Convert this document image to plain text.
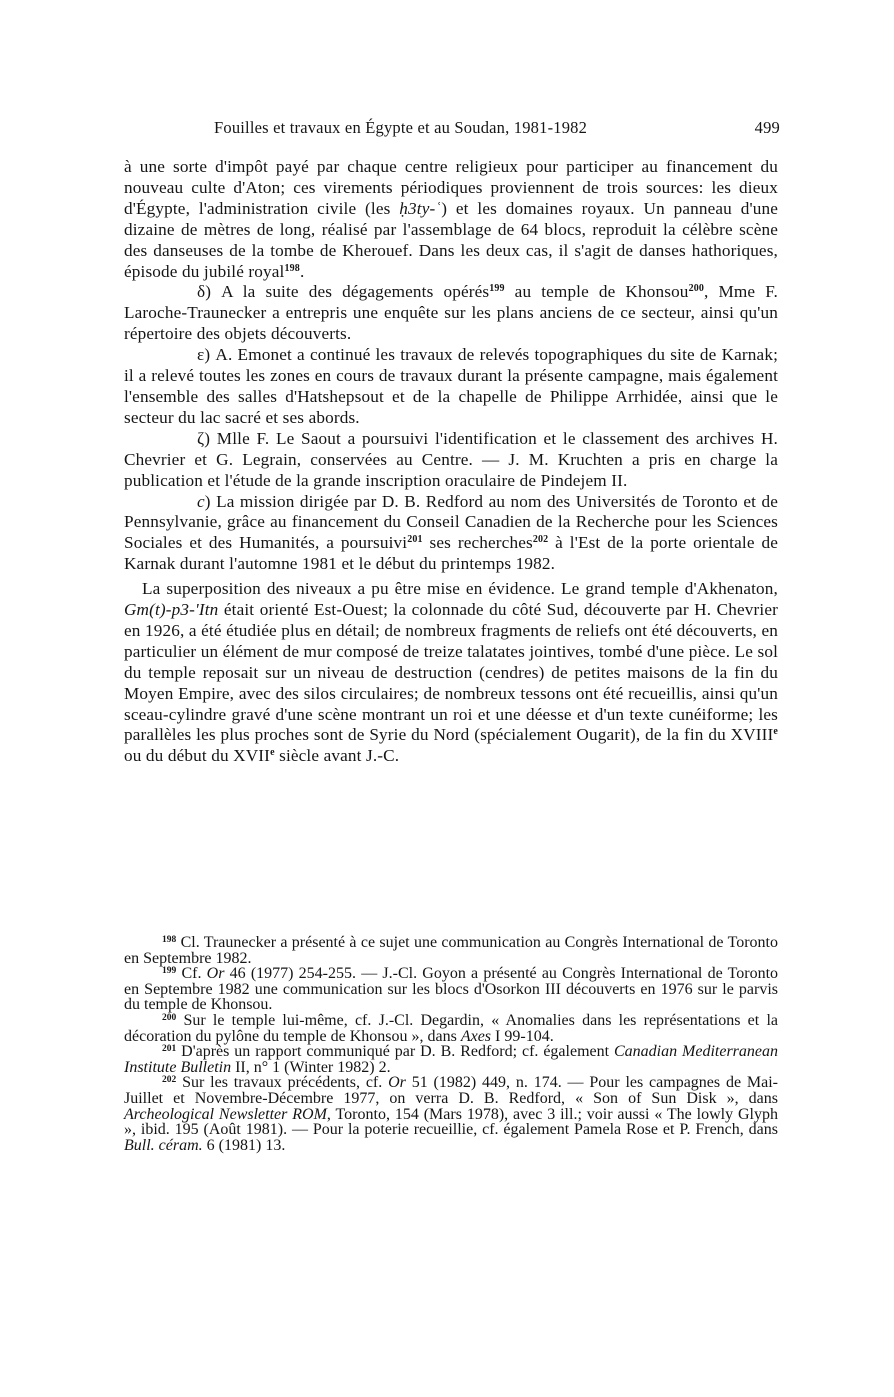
Fouilles et travaux en Égypte et au Soudan, 1981-1982	499

à une sorte d'impôt payé par chaque centre religieux pour participer au financement du nouveau culte d'Aton; ces virements périodiques proviennent de trois sources: les dieux d'Égypte, l'administration civile (les ḥ3ty-ʿ) et les domaines royaux. Un panneau d'une dizaine de mètres de long, réalisé par l'assemblage de 64 blocs, reproduit la célèbre scène des danseuses de la tombe de Kherouef. Dans les deux cas, il s'agit de danses hathoriques, épisode du jubilé royal$^{198}$.

δ) A la suite des dégagements opérés$^{199}$ au temple de Khonsou$^{200}$, Mme F. Laroche-Traunecker a entrepris une enquête sur les plans anciens de ce secteur, ainsi qu'un répertoire des objets découverts.

ε) A. Emonet a continué les travaux de relevés topographiques du site de Karnak; il a relevé toutes les zones en cours de travaux durant la présente campagne, mais également l'ensemble des salles d'Hatshepsout et de la chapelle de Philippe Arrhidée, ainsi que le secteur du lac sacré et ses abords.

ζ) Mlle F. Le Saout a poursuivi l'identification et le classement des archives H. Chevrier et G. Legrain, conservées au Centre. — J. M. Kruchten a pris en charge la publication et l'étude de la grande inscription oraculaire de Pindejem II.

c) La mission dirigée par D. B. Redford au nom des Universités de Toronto et de Pennsylvanie, grâce au financement du Conseil Canadien de la Recherche pour les Sciences Sociales et des Humanités, a poursuivi$^{201}$ ses recherches$^{202}$ à l'Est de la porte orientale de Karnak durant l'automne 1981 et le début du printemps 1982.

La superposition des niveaux a pu être mise en évidence. Le grand temple d'Akhenaton, Gm(t)-p3-'Itn était orienté Est-Ouest; la colonnade du côté Sud, découverte par H. Chevrier en 1926, a été étudiée plus en détail; de nombreux fragments de reliefs ont été découverts, en particulier un élément de mur composé de treize talatates jointives, tombé d'une pièce. Le sol du temple reposait sur un niveau de destruction (cendres) de petites maisons de la fin du Moyen Empire, avec des silos circulaires; de nombreux tessons ont été recueillis, ainsi qu'un sceau-cylindre gravé d'une scène montrant un roi et une déesse et d'un texte cunéiforme; les parallèles les plus proches sont de Syrie du Nord (spécialement Ougarit), de la fin du XVIIIe ou du début du XVIIe siècle avant J.-C.

$^{198}$ Cl. Traunecker a présenté à ce sujet une communication au Congrès International de Toronto en Septembre 1982.

$^{199}$ Cf. Or 46 (1977) 254-255. — J.-Cl. Goyon a présenté au Congrès International de Toronto en Septembre 1982 une communication sur les blocs d'Osorkon III découverts en 1976 sur le parvis du temple de Khonsou.

$^{200}$ Sur le temple lui-même, cf. J.-Cl. Degardin, « Anomalies dans les représentations et la décoration du pylône du temple de Khonsou », dans Axes I 99-104.

$^{201}$ D'après un rapport communiqué par D. B. Redford; cf. également Canadian Mediterranean Institute Bulletin II, n° 1 (Winter 1982) 2.

$^{202}$ Sur les travaux précédents, cf. Or 51 (1982) 449, n. 174. — Pour les campagnes de Mai-Juillet et Novembre-Décembre 1977, on verra D. B. Redford, « Son of Sun Disk », dans Archeological Newsletter ROM, Toronto, 154 (Mars 1978), avec 3 ill.; voir aussi « The lowly Glyph », ibid. 195 (Août 1981). — Pour la poterie recueillie, cf. également Pamela Rose et P. French, dans Bull. céram. 6 (1981) 13.
